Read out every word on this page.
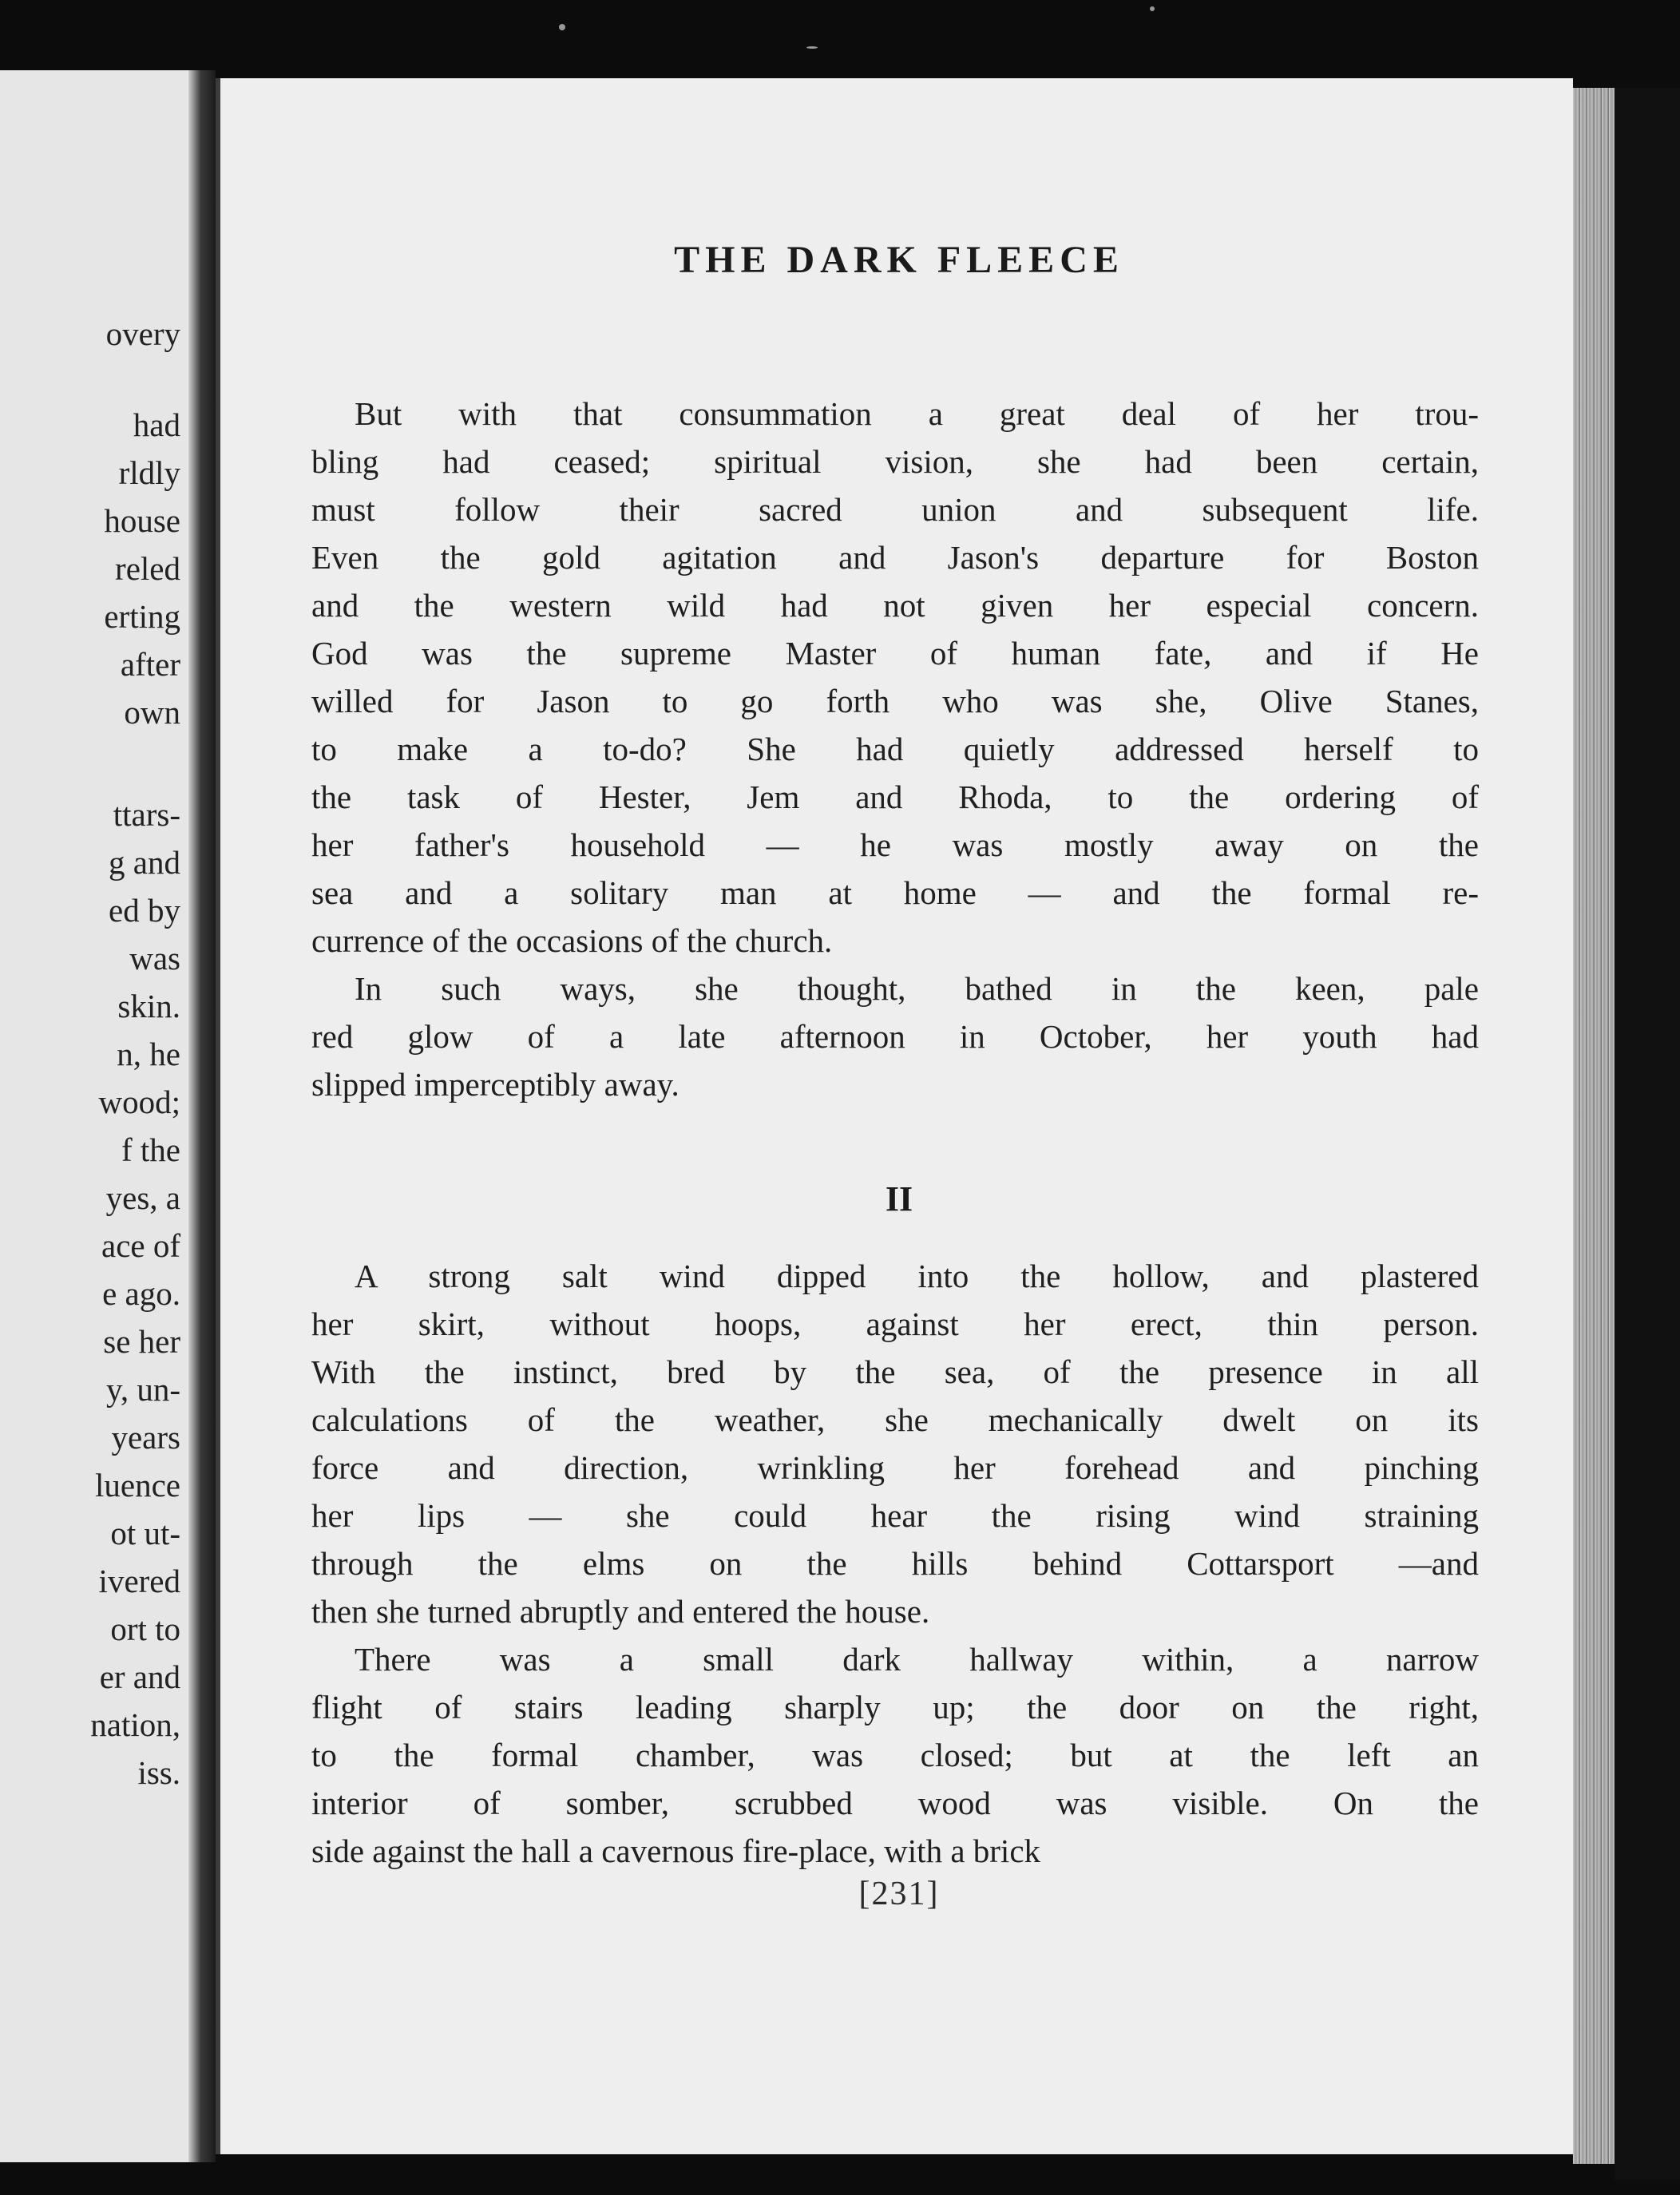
overy
had
rldly
house
reled
erting
after
own
ttars-
g and
ed by
was
skin.
n, he
wood;
f the
yes, a
ace of
e ago.
se her
y, un-
years
luence
ot ut-
ivered
ort to
er and
nation,
iss.
THE DARK FLEECE
But with that consummation a great deal of her trou-
bling had ceased; spiritual vision, she had been certain,
must follow their sacred union and subsequent life.
Even the gold agitation and Jason's departure for Boston
and the western wild had not given her especial concern.
God was the supreme Master of human fate, and if He
willed for Jason to go forth who was she, Olive Stanes,
to make a to-do? She had quietly addressed herself to
the task of Hester, Jem and Rhoda, to the ordering of
her father's household — he was mostly away on the
sea and a solitary man at home — and the formal re-
currence of the occasions of the church.
In such ways, she thought, bathed in the keen, pale
red glow of a late afternoon in October, her youth had
slipped imperceptibly away.
II
A strong salt wind dipped into the hollow, and plastered
her skirt, without hoops, against her erect, thin person.
With the instinct, bred by the sea, of the presence in all
calculations of the weather, she mechanically dwelt on its
force and direction, wrinkling her forehead and pinching
her lips — she could hear the rising wind straining
through the elms on the hills behind Cottarsport —and
then she turned abruptly and entered the house.
There was a small dark hallway within, a narrow
flight of stairs leading sharply up; the door on the right,
to the formal chamber, was closed; but at the left an
interior of somber, scrubbed wood was visible. On the
side against the hall a cavernous fire-place, with a brick
[231]
